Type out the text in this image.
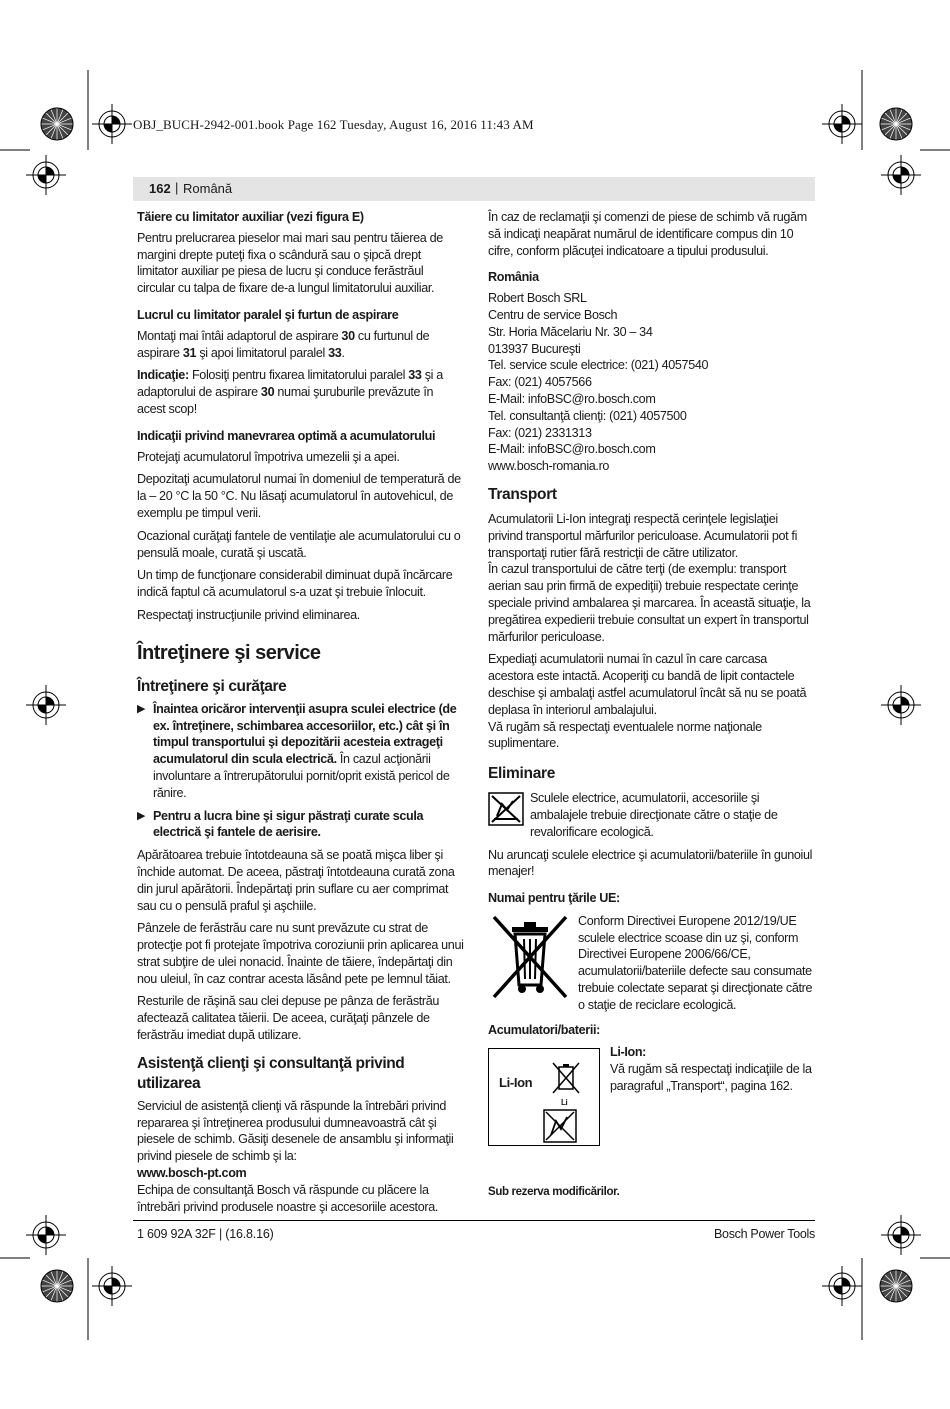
OBJ_BUCH-2942-001.book Page 162 Tuesday, August 16, 2016 11:43 AM
162 | Română
Tăiere cu limitator auxiliar (vezi figura E)

Pentru prelucrarea pieselor mai mari sau pentru tăierea de margini drepte puteţi fixa o scândură sau o şipcă drept limitator auxiliar pe piesa de lucru şi conduce ferăstrăul circular cu talpa de fixare de-a lungul limitatorului auxiliar.

Lucrul cu limitator paralel şi furtun de aspirare

Montaţi mai întâi adaptorul de aspirare 30 cu furtunul de aspirare 31 şi apoi limitatorul paralel 33.

Indicaţie: Folosiţi pentru fixarea limitatorului paralel 33 şi a adaptorului de aspirare 30 numai şuruburile prevăzute în acest scop!

Indicaţii privind manevrarea optimă a acumulatorului

Protejaţi acumulatorul împotriva umezelii şi a apei.

Depozitaţi acumulatorul numai în domeniul de temperatură de la – 20 °C la 50 °C. Nu lăsaţi acumulatorul în autovehicul, de exemplu pe timpul verii.

Ocazional curăţaţi fantele de ventilaţie ale acumulatorului cu o pensulă moale, curată şi uscată.

Un timp de funcţionare considerabil diminuat după încărcare indică faptul că acumulatorul s-a uzat şi trebuie înlocuit.

Respectaţi instrucţiunile privind eliminarea.

Întreţinere şi service
Întreţinere şi curăţare
▶ Înaintea oricăror intervenţii asupra sculei electrice (de ex. întreţinere, schimbarea accesoriilor, etc.) cât şi în timpul transportului şi depozitării acesteia extrageţi acumulatorul din scula electrică. În cazul acţionării involuntare a întrerupătorului pornit/oprit există pericol de rănire.
▶ Pentru a lucra bine şi sigur păstraţi curate scula electrică şi fantele de aerisire.

Apărătoarea trebuie întotdeauna să se poată mişca liber şi închide automat. De aceea, păstraţi întotdeauna curată zona din jurul apărătorii. Îndepărtaţi prin suflare cu aer comprimat sau cu o pensulă praful şi aşchiile.

Pânzele de ferăstrău care nu sunt prevăzute cu strat de protecţie pot fi protejate împotriva coroziunii prin aplicarea unui strat subţire de ulei nonacid. Înainte de tăiere, îndepărtaţi din nou uleiul, în caz contrar acesta lăsând pete pe lemnul tăiat.

Resturile de răşină sau clei depuse pe pânza de ferăstrău afectează calitatea tăierii. De aceea, curăţaţi pânzele de ferăstrău imediat după utilizare.

Asistenţă clienţi şi consultanţă privind utilizarea

Serviciul de asistenţă clienţi vă răspunde la întrebări privind repararea şi întreţinerea produsului dumneavoastră cât şi piesele de schimb. Găsiţi desenele de ansamblu şi informaţii privind piesele de schimb şi la:

www.bosch-pt.com

Echipa de consultanţă Bosch vă răspunde cu plăcere la întrebări privind produsele noastre şi accesoriile acestora.

În caz de reclamaţii şi comenzi de piese de schimb vă rugăm să indicaţi neapărat numărul de identificare compus din 10 cifre, conform plăcuţei indicatoare a tipului produsului.

România
Robert Bosch SRL
Centru de service Bosch
Str. Horia Măcelariu Nr. 30 – 34
013937 Bucureşti
Tel. service scule electrice: (021) 4057540
Fax: (021) 4057566
E-Mail: infoBSC@ro.bosch.com
Tel. consultanţă clienţi: (021) 4057500
Fax: (021) 2331313
E-Mail: infoBSC@ro.bosch.com
www.bosch-romania.ro
Transport

Acumulatorii Li-Ion integraţi respectă cerinţele legislaţiei privind transportul mărfurilor periculoase. Acumulatorii pot fi transportaţi rutier fără restricţii de către utilizator.

În cazul transportului de către terţi (de exemplu: transport aerian sau prin firmă de expediţii) trebuie respectate cerinţe speciale privind ambalarea şi marcarea. În această situaţie, la pregătirea expedierii trebuie consultat un expert în transportul mărfurilor periculoase.

Expediaţi acumulatorii numai în cazul în care carcasa acestora este intactă. Acoperiţi cu bandă de lipit contactele deschise şi ambalaţi astfel acumulatorul încât să nu se poată deplasa în interiorul ambalajului.

Vă rugăm să respectaţi eventualele norme naţionale suplimentare.

Eliminare
Sculele electrice, acumulatorii, accesoriile şi ambalajele trebuie direcţionate către o staţie de revalorificare ecologică.

Nu aruncaţi sculele electrice şi acumulatorii/bateriile în gunoiul menajer!

Numai pentru ţările UE:
Conform Directivei Europene 2012/19/UE sculele electrice scoase din uz şi, conform Directivei Europene 2006/66/CE, acumulatorii/bateriile defecte sau consumate trebuie colectate separat şi direcţionate către o staţie de reciclare ecologică.
Acumulatori/baterii:
Li-Ion
Li
Li-Ion:
Vă rugăm să respectaţi indicaţiile de la paragraful „Transport“, pagina 162.
Sub rezerva modificărilor.
1 609 92A 32F | (16.8.16)	Bosch Power Tools
